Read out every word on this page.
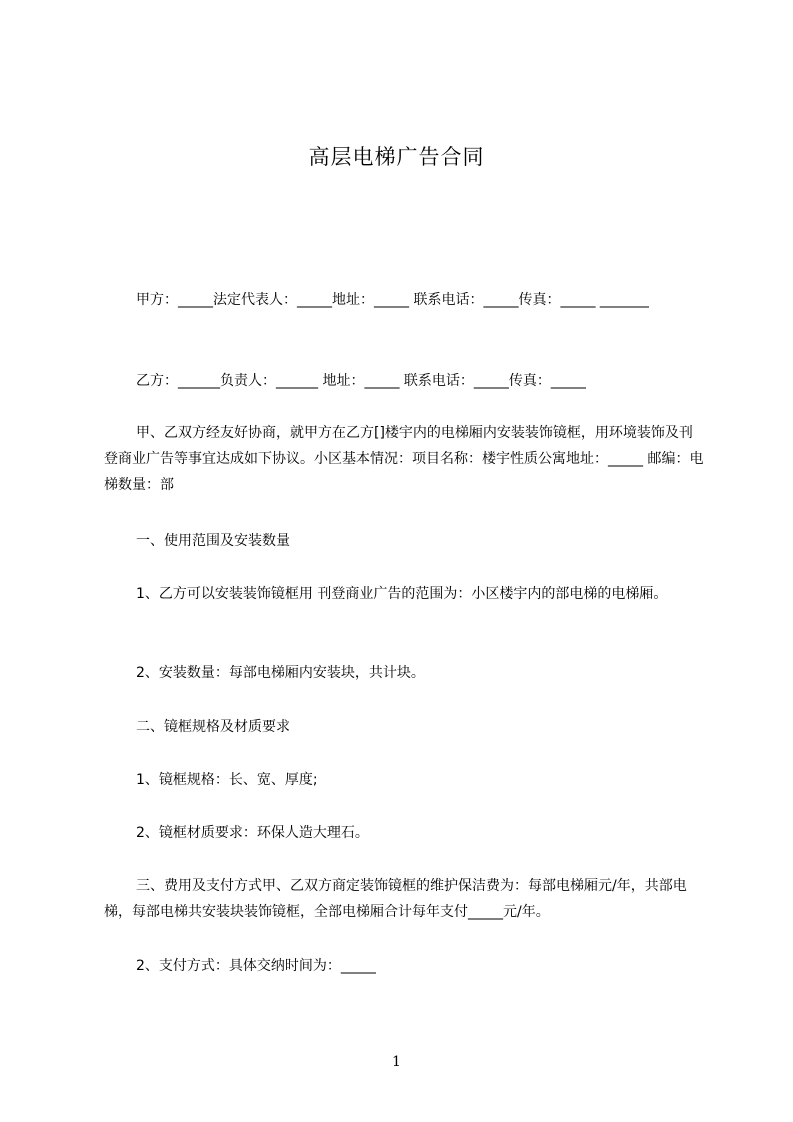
高层电梯广告合同

甲方：_____法定代表人：_____地址：_____ 联系电话：_____传真：_____ _______

乙方：______负责人：______ 地址：_____ 联系电话：_____传真：_____

甲、乙双方经友好协商，就甲方在乙方[]楼宇内的电梯厢内安装装饰镜框，用环境装饰及刊登商业广告等事宜达成如下协议。小区基本情况：项目名称：楼宇性质公寓地址：_____ 邮编：电梯数量：部

一、使用范围及安装数量

1、乙方可以安装装饰镜框用 刊登商业广告的范围为：小区楼宇内的部电梯的电梯厢。

2、安装数量：每部电梯厢内安装块，共计块。

二、镜框规格及材质要求

1、镜框规格：长、宽、厚度;

2、镜框材质要求：环保人造大理石。

三、费用及支付方式甲、乙双方商定装饰镜框的维护保洁费为：每部电梯厢元/年，共部电梯，每部电梯共安装块装饰镜框，全部电梯厢合计每年支付_____元/年。

2、支付方式：具体交纳时间为：_____

1
